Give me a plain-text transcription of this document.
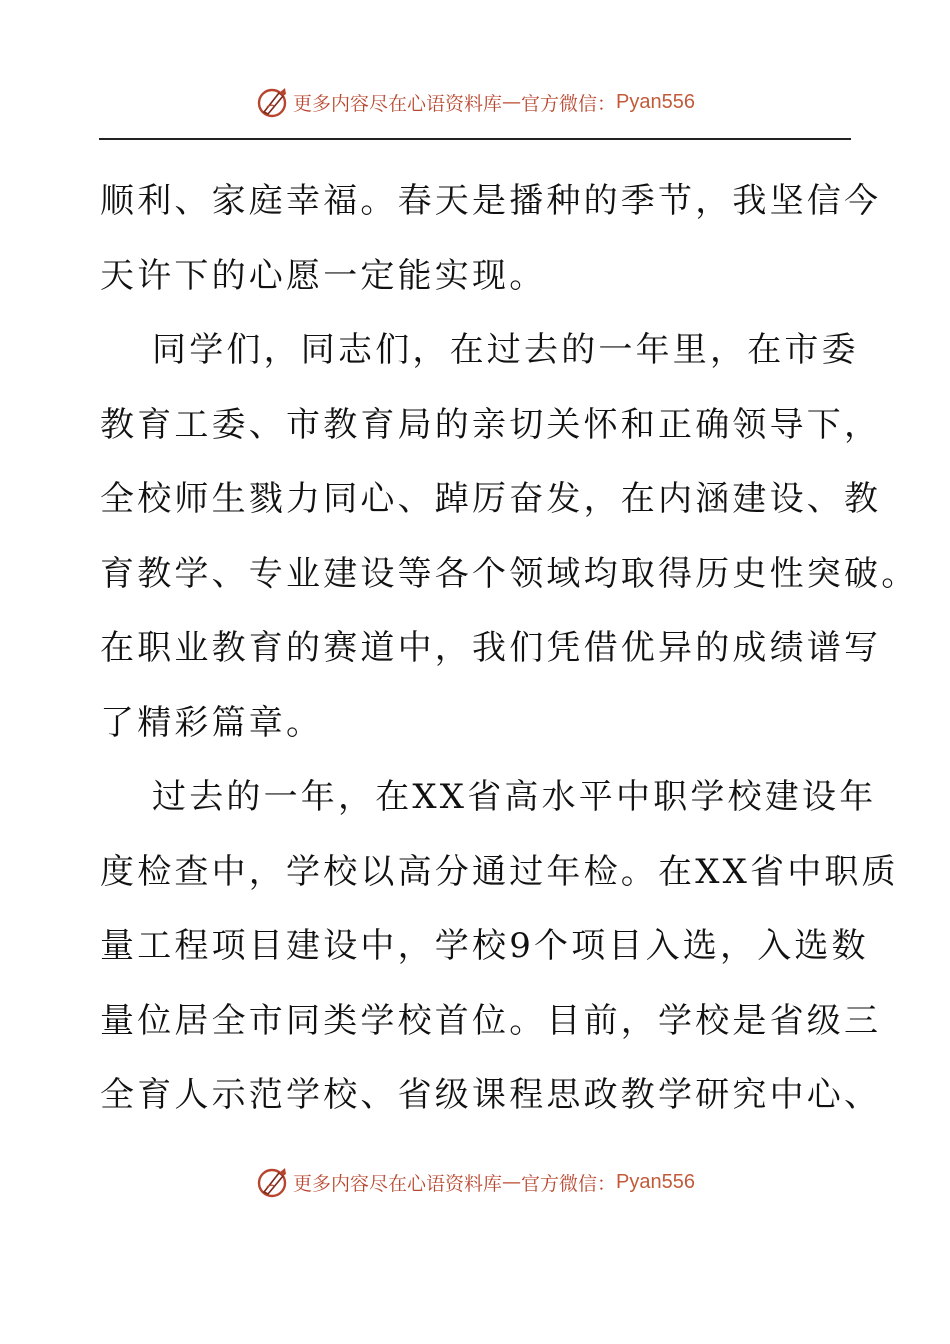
更多内容尽在心语资料库 — 官方微信： Pyan556

顺利、家庭幸福。春天是播种的季节，我坚信今
天许下的心愿一定能实现。

同学们，同志们，在过去的一年里，在市委
教育工委、市教育局的亲切关怀和正确领导下，
全校师生戮力同心、踔厉奋发，在内涵建设、教
育教学、专业建设等各个领域均取得历史性突破。
在职业教育的赛道中，我们凭借优异的成绩谱写
了精彩篇章。

过去的一年，在XX省高水平中职学校建设年
度检查中，学校以高分通过年检。在XX省中职质
量工程项目建设中，学校9个项目入选，入选数
量位居全市同类学校首位。目前，学校是省级三
全育人示范学校、省级课程思政教学研究中心、

更多内容尽在心语资料库 — 官方微信： Pyan556
